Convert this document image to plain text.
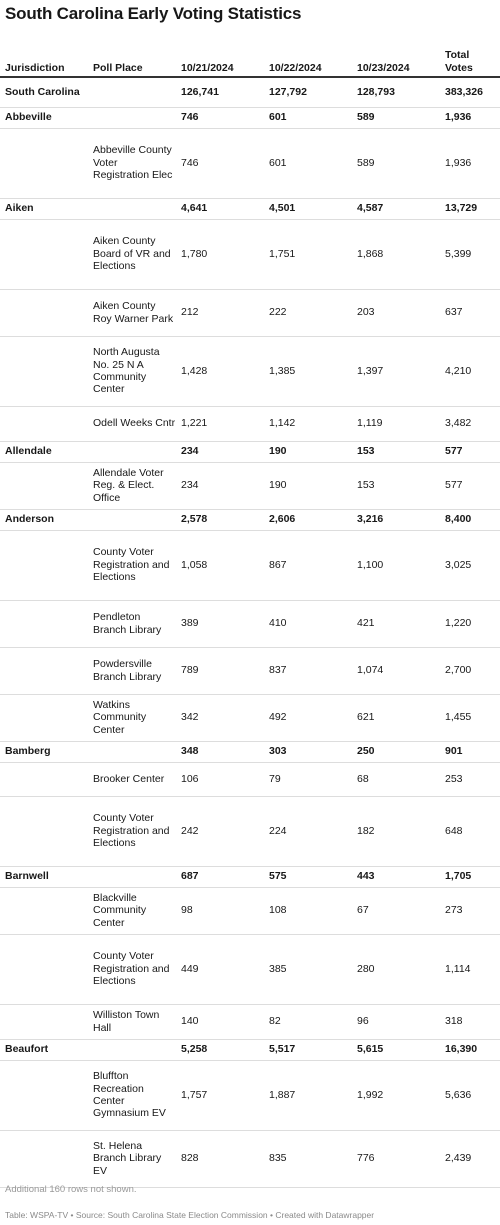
South Carolina Early Voting Statistics
Jurisdiction	Poll Place	10/21/2024	10/22/2024	10/23/2024	Total Votes
South Carolina		126,741	127,792	128,793	383,326
Abbeville		746	601	589	1,936
	Abbeville County Voter Registration Elec	746	601	589	1,936
Aiken		4,641	4,501	4,587	13,729
	Aiken County Board of VR and Elections	1,780	1,751	1,868	5,399
	Aiken County Roy Warner Park	212	222	203	637
	North Augusta No. 25 N A Community Center	1,428	1,385	1,397	4,210
	Odell Weeks Cntr	1,221	1,142	1,119	3,482
Allendale		234	190	153	577
	Allendale Voter Reg. & Elect. Office	234	190	153	577
Anderson		2,578	2,606	3,216	8,400
	County Voter Registration and Elections	1,058	867	1,100	3,025
	Pendleton Branch Library	389	410	421	1,220
	Powdersville Branch Library	789	837	1,074	2,700
	Watkins Community Center	342	492	621	1,455
Bamberg		348	303	250	901
	Brooker Center	106	79	68	253
	County Voter Registration and Elections	242	224	182	648
Barnwell		687	575	443	1,705
	Blackville Community Center	98	108	67	273
	County Voter Registration and Elections	449	385	280	1,114
	Williston Town Hall	140	82	96	318
Beaufort		5,258	5,517	5,615	16,390
	Bluffton Recreation Center Gymnasium EV	1,757	1,887	1,992	5,636
	St. Helena Branch Library EV	828	835	776	2,439
Additional 160 rows not shown.
Table: WSPA-TV • Source: South Carolina State Election Commission • Created with Datawrapper
